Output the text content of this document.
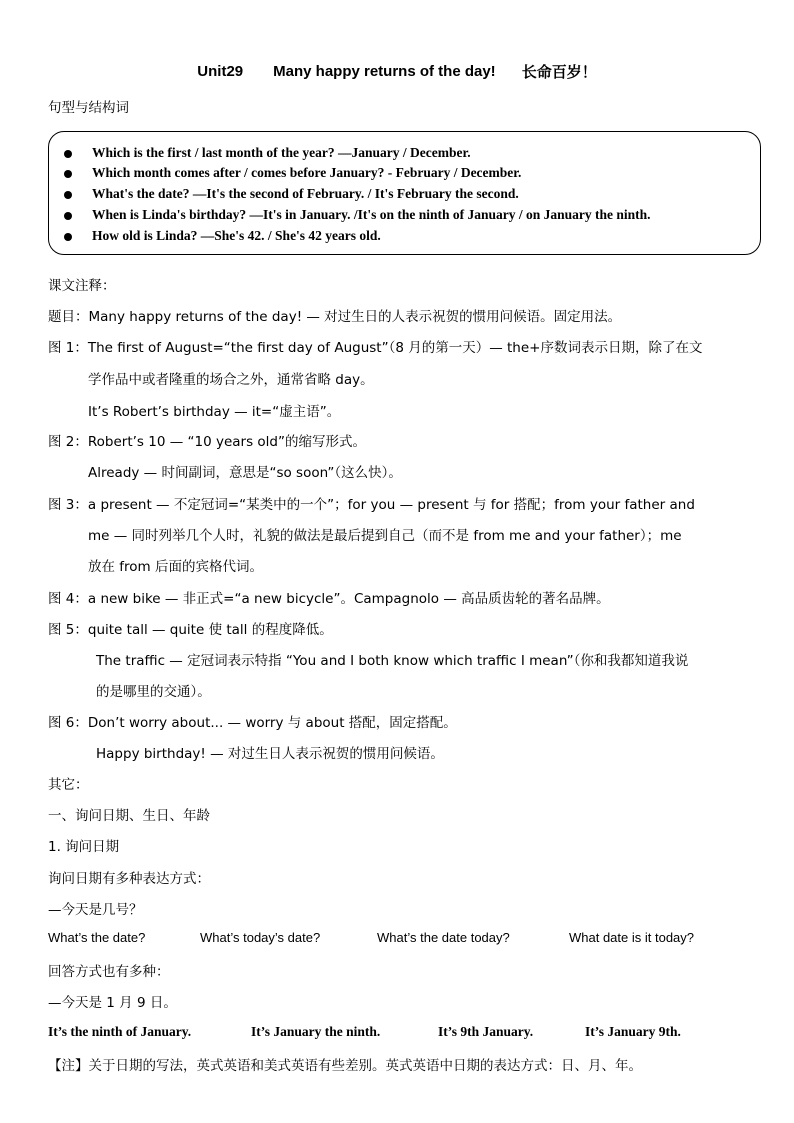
Unit29 Many happy returns of the day! 长命百岁！
句型与结构词
Which is the first / last month of the year? —January / December.
Which month comes after / comes before January? - February / December.
What's the date? —It's the second of February. / It's February the second.
When is Linda's birthday? —It's in January. /It's on the ninth of January / on January the ninth.
How old is Linda? —She's 42. / She's 42 years old.
课文注释：
题目：Many happy returns of the day! — 对过生日的人表示祝贺的惯用问候语。固定用法。
图 1：The first of August=“the first day of August”（8 月的第一天）— the+序数词表示日期，除了在文
学作品中或者隆重的场合之外，通常省略 day。
It’s Robert’s birthday — it=“虚主语”。
图 2：Robert’s 10 — “10 years old”的缩写形式。
Already — 时间副词，意思是“so soon”（这么快）。
图 3：a present — 不定冠词=“某类中的一个”；for you — present 与 for 搭配；from your father and
me — 同时列举几个人时，礼貌的做法是最后提到自己（而不是 from me and your father）；me
放在 from 后面的宾格代词。
图 4：a new bike — 非正式=“a new bicycle”。Campagnolo — 高品质齿轮的著名品牌。
图 5：quite tall — quite 使 tall 的程度降低。
The traffic — 定冠词表示特指 “You and I both know which traffic I mean”（你和我都知道我说
的是哪里的交通）。
图 6：Don’t worry about... — worry 与 about 搭配，固定搭配。
Happy birthday! — 对过生日人表示祝贺的惯用问候语。
其它：
一、询问日期、生日、年龄
1. 询问日期
询问日期有多种表达方式：
—今天是几号？
What’s the date?	What’s today’s date?	What’s the date today?	What date is it today?
回答方式也有多种：
—今天是 1 月 9 日。
It’s the ninth of January.	It’s January the ninth.	It’s 9th January.	It’s January 9th.
【注】关于日期的写法，英式英语和美式英语有些差别。英式英语中日期的表达方式：日、月、年。
